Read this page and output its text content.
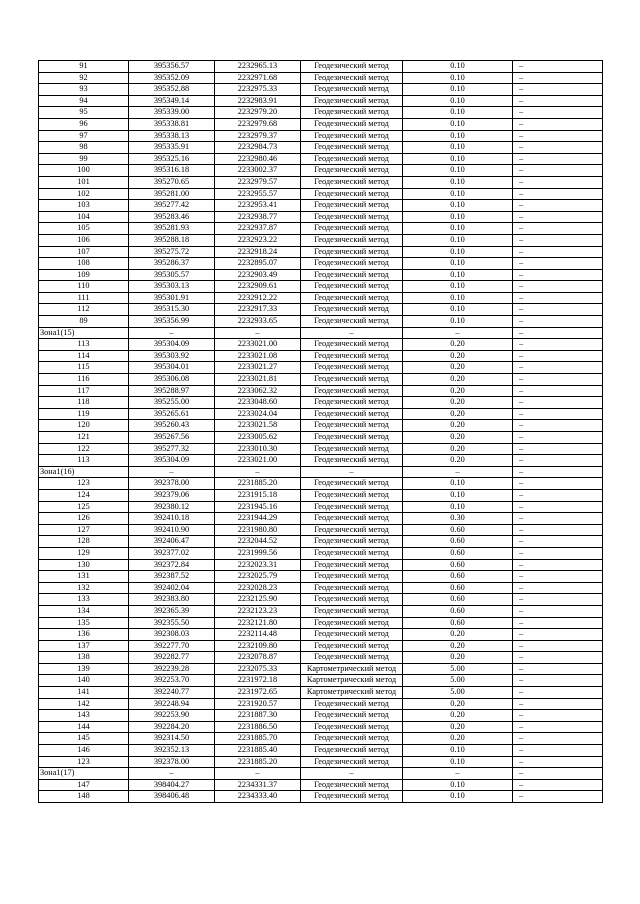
91	395356.57	2232965.13	Геодезический метод	0.10	–
92	395352.09	2232971.68	Геодезический метод	0.10	–
93	395352.88	2232975.33	Геодезический метод	0.10	–
94	395349.14	2232983.91	Геодезический метод	0.10	–
95	395339.00	2232979.20	Геодезический метод	0.10	–
96	395338.81	2232979.68	Геодезический метод	0.10	–
97	395338.13	2232979.37	Геодезический метод	0.10	–
98	395335.91	2232984.73	Геодезический метод	0.10	–
99	395325.16	2232980.46	Геодезический метод	0.10	–
100	395316.18	2233002.37	Геодезический метод	0.10	–
101	395270.65	2232979.57	Геодезический метод	0.10	–
102	395281.00	2232955.57	Геодезический метод	0.10	–
103	395277.42	2232953.41	Геодезический метод	0.10	–
104	395283.46	2232938.77	Геодезический метод	0.10	–
105	395281.93	2232937.87	Геодезический метод	0.10	–
106	395288.18	2232923.22	Геодезический метод	0.10	–
107	395275.72	2232918.24	Геодезический метод	0.10	–
108	395286.37	2232895.07	Геодезический метод	0.10	–
109	395305.57	2232903.49	Геодезический метод	0.10	–
110	395303.13	2232909.61	Геодезический метод	0.10	–
111	395301.91	2232912.22	Геодезический метод	0.10	–
112	395315.30	2232917.33	Геодезический метод	0.10	–
89	395356.99	2232933.65	Геодезический метод	0.10	–
Зона1(15)	–	–	–	–	–
113	395304.09	2233021.00	Геодезический метод	0.20	–
114	395303.92	2233021.08	Геодезический метод	0.20	–
115	395304.01	2233021.27	Геодезический метод	0.20	–
116	395306.08	2233021.81	Геодезический метод	0.20	–
117	395288.97	2233062.32	Геодезический метод	0.20	–
118	395255.00	2233048.60	Геодезический метод	0.20	–
119	395265.61	2233024.04	Геодезический метод	0.20	–
120	395260.43	2233021.58	Геодезический метод	0.20	–
121	395267.56	2233005.62	Геодезический метод	0.20	–
122	395277.32	2233010.30	Геодезический метод	0.20	–
113	395304.09	2233021.00	Геодезический метод	0.20	–
Зона1(16)	–	–	–	–	–
123	392378.00	2231885.20	Геодезический метод	0.10	–
124	392379.06	2231915.18	Геодезический метод	0.10	–
125	392380.12	2231945.16	Геодезический метод	0.10	–
126	392410.18	2231944.29	Геодезический метод	0.30	–
127	392410.90	2231980.80	Геодезический метод	0.60	–
128	392406.47	2232044.52	Геодезический метод	0.60	–
129	392377.02	2231999.56	Геодезический метод	0.60	–
130	392372.84	2232023.31	Геодезический метод	0.60	–
131	392387.52	2232025.79	Геодезический метод	0.60	–
132	392402.04	2232028.23	Геодезический метод	0.60	–
133	392383.80	2232125.90	Геодезический метод	0.60	–
134	392365.39	2232123.23	Геодезический метод	0.60	–
135	392355.50	2232121.80	Геодезический метод	0.60	–
136	392308.03	2232114.48	Геодезический метод	0.20	–
137	392277.70	2232109.80	Геодезический метод	0.20	–
138	392282.77	2232078.87	Геодезический метод	0.20	–
139	392239.28	2232075.33	Картометрический метод	5.00	–
140	392253.70	2231972.18	Картометрический метод	5.00	–
141	392240.77	2231972.65	Картометрический метод	5.00	–
142	392248.94	2231920.57	Геодезический метод	0.20	–
143	392253.90	2231887.30	Геодезический метод	0.20	–
144	392284.20	2231886.50	Геодезический метод	0.20	–
145	392314.50	2231885.70	Геодезический метод	0.20	–
146	392352.13	2231885.40	Геодезический метод	0.10	–
123	392378.00	2231885.20	Геодезический метод	0.10	–
Зона1(17)	–	–	–	–	–
147	398404.27	2234331.37	Геодезический метод	0.10	–
148	398406.48	2234333.40	Геодезический метод	0.10	–
